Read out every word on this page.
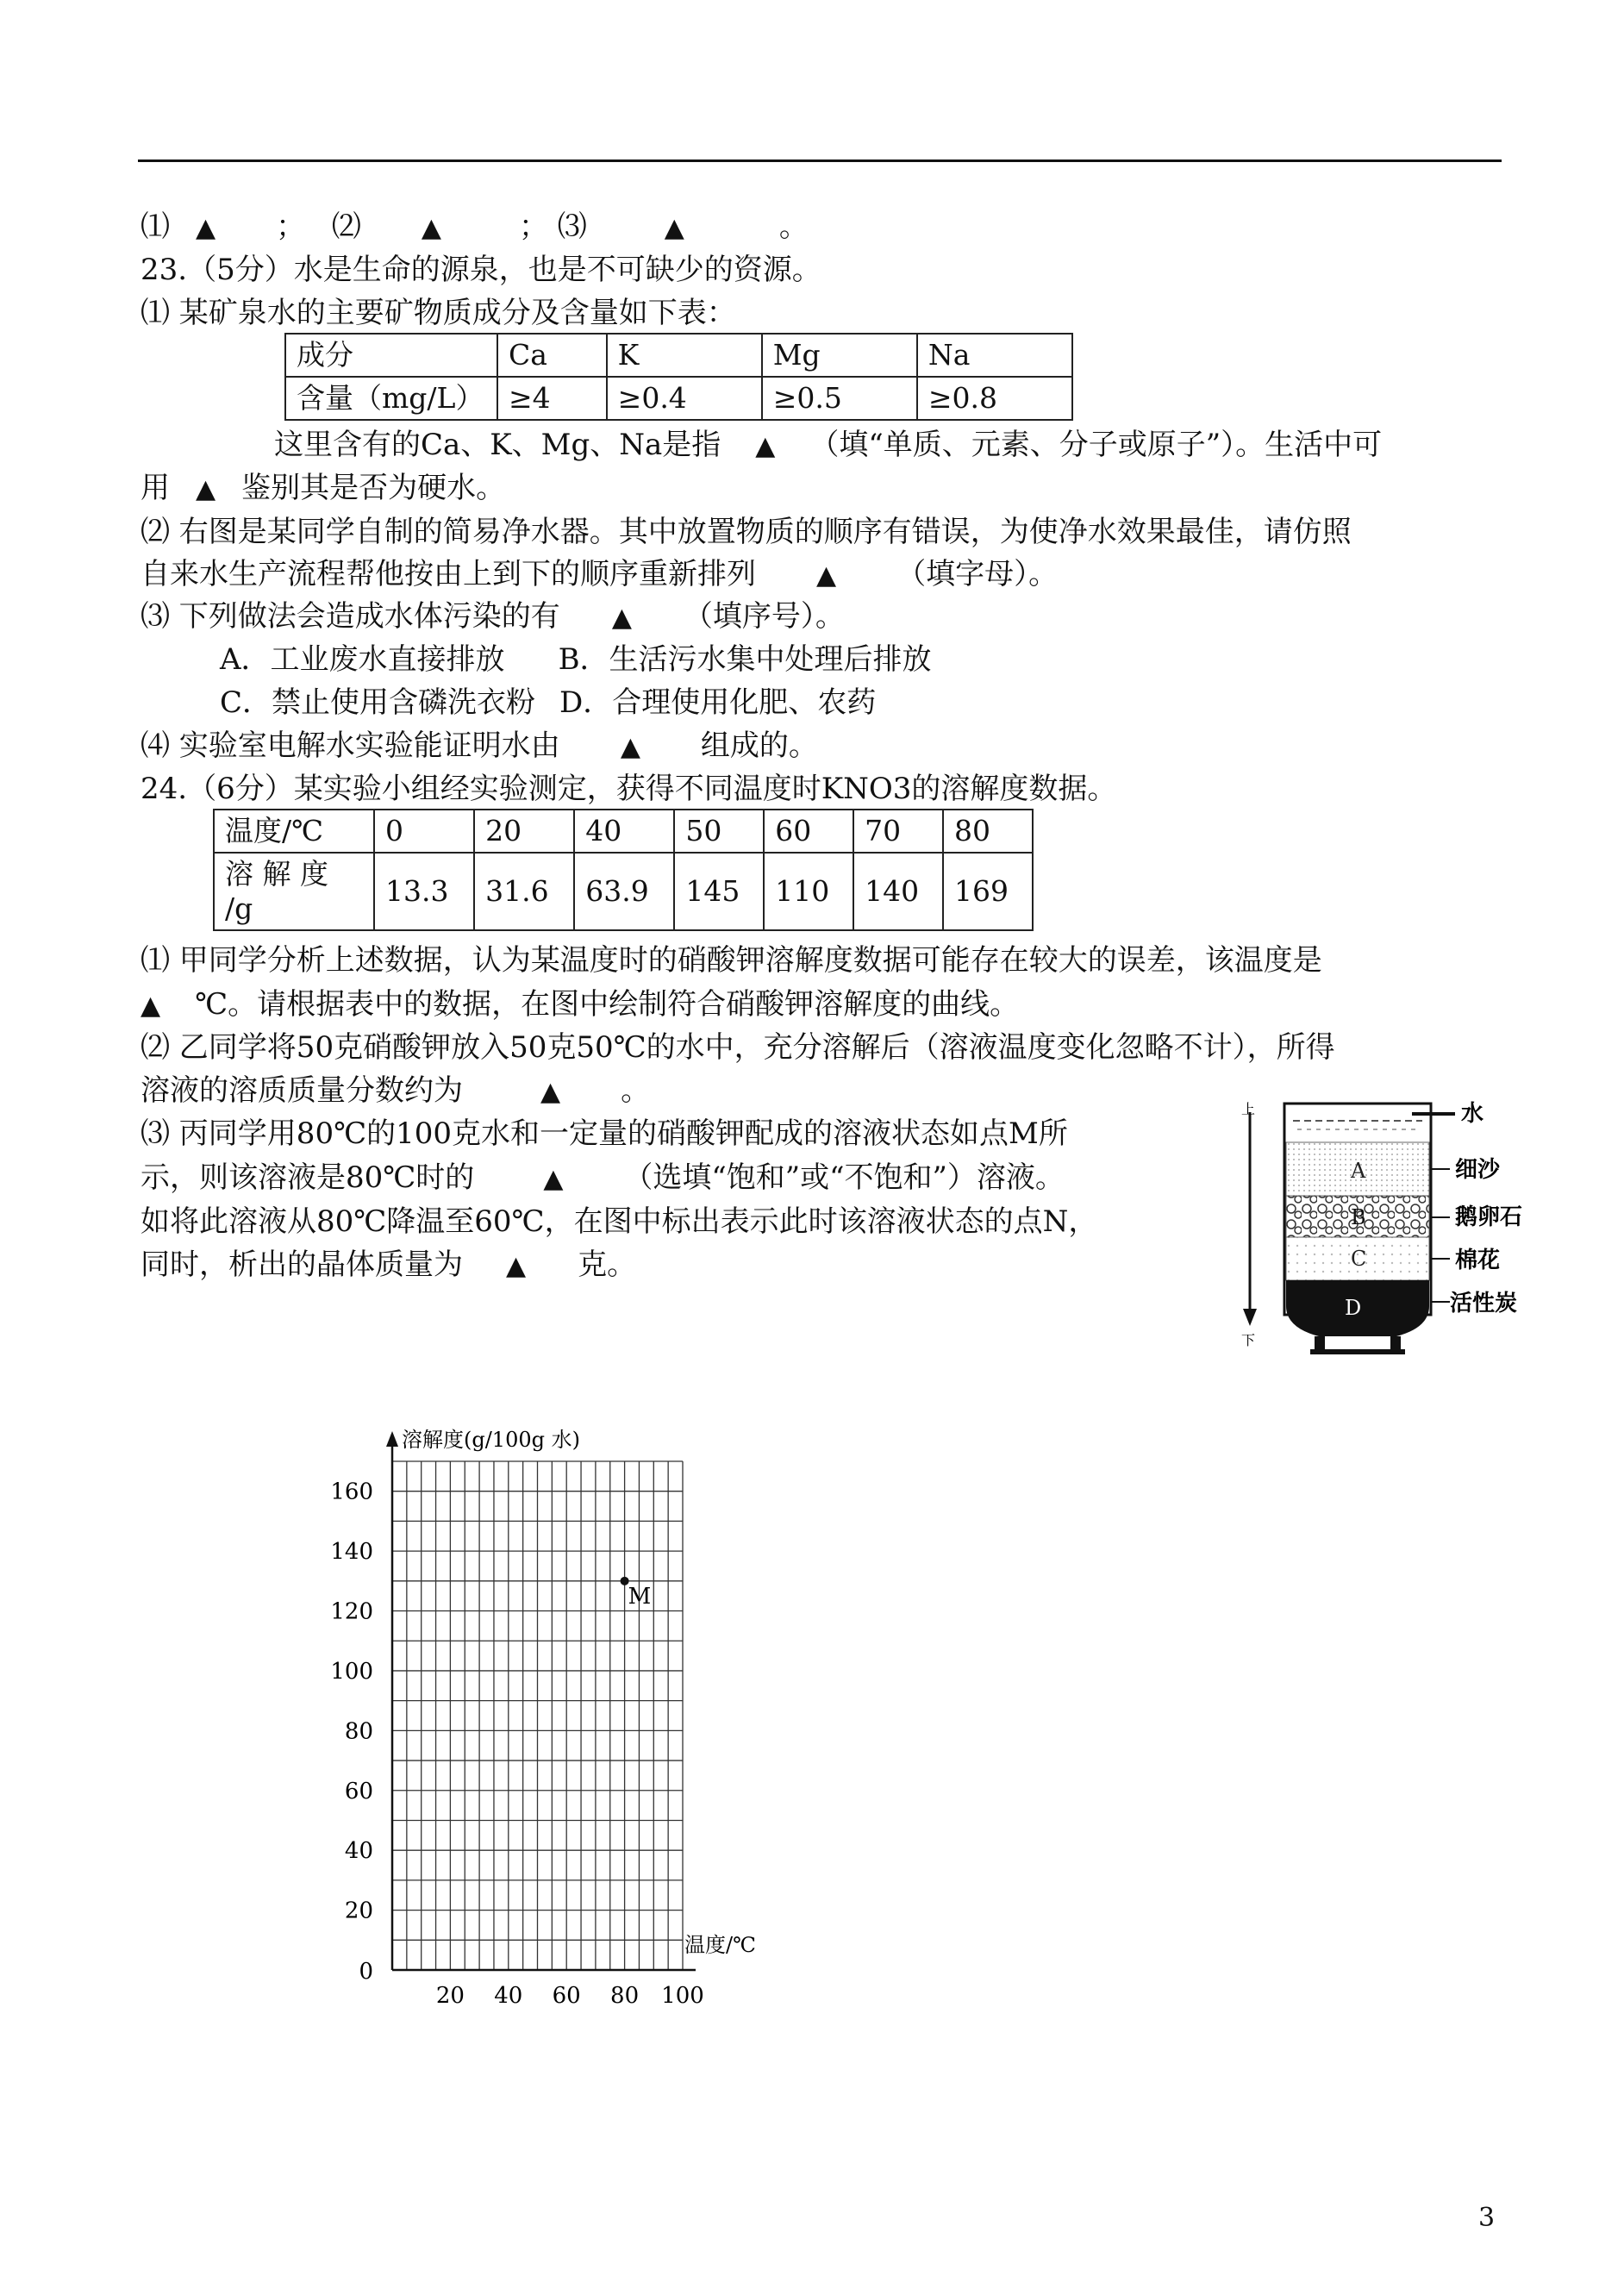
⑴ ▲ ； ⑵ ▲	； ⑶	▲	。
23.（5分）水是生命的源泉，也是不可缺少的资源。
⑴ 某矿泉水的主要矿物质成分及含量如下表：
成分	Ca	K	Mg	Na
含量（mg/L）	≥4	≥0.4	≥0.5	≥0.8
这里含有的Ca、K、Mg、Na是指 ▲ （填“单质、元素、分子或原子”）。生活中可
用 ▲ 鉴别其是否为硬水。
⑵ 右图是某同学自制的简易净水器。其中放置物质的顺序有错误，为使净水效果最佳，请仿照
自来水生产流程帮他按由上到下的顺序重新排列 ▲ （填字母）。
⑶ 下列做法会造成水体污染的有 ▲ （填序号）。
A．工业废水直接排放 B．生活污水集中处理后排放
C．禁止使用含磷洗衣粉 D．合理使用化肥、农药
⑷ 实验室电解水实验能证明水由 ▲ 组成的。
24.（6分）某实验小组经实验测定，获得不同温度时KNO3的溶解度数据。
温度/℃	0	20	40	50	60	70	80

溶 解 度
/g	13.3	31.6	63.9	145	110	140	169
⑴ 甲同学分析上述数据，认为某温度时的硝酸钾溶解度数据可能存在较大的误差，该温度是
▲ ℃。请根据表中的数据，在图中绘制符合硝酸钾溶解度的曲线。
⑵ 乙同学将50克硝酸钾放入50克50℃的水中，充分溶解后（溶液温度变化忽略不计），所得
溶液的溶质质量分数约为	▲ 。
⑶ 丙同学用80℃的100克水和一定量的硝酸钾配成的溶液状态如点M所
示，则该溶液是80℃时的	▲ （选填“饱和”或“不饱和”）溶液。
如将此溶液从80℃降温至60℃，在图中标出表示此时该溶液状态的点N，
同时，析出的晶体质量为 ▲ 克。
上
下
A
B
C
D
水
细沙
鹅卵石
棉花
活性炭
20 40 60 80 100
20
40
60
80
100
120
140
160
0
M
溶解度(g/100g 水)
温度/℃
3
